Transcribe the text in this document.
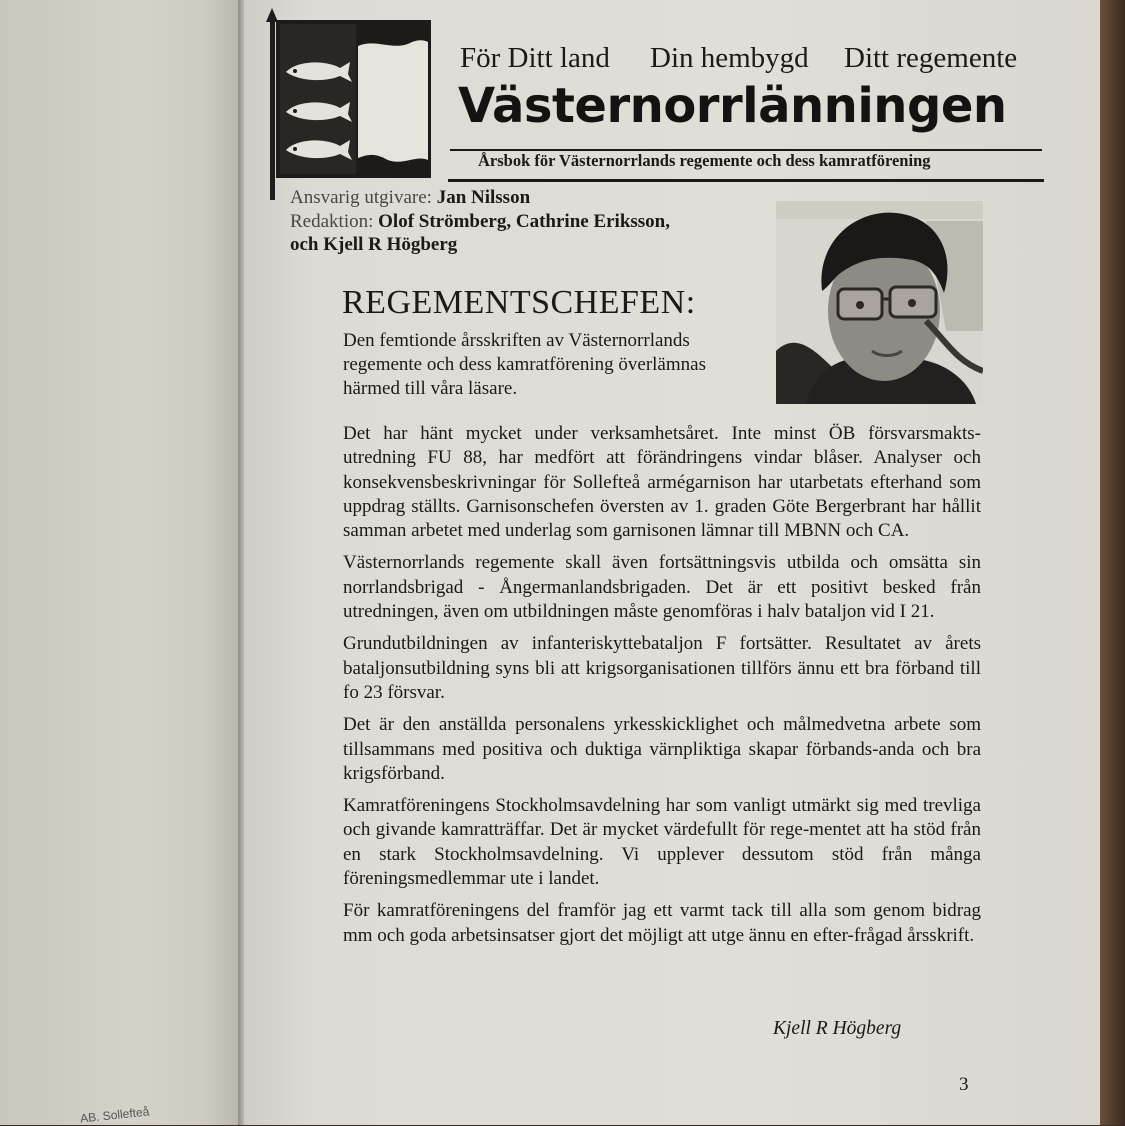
AB. Sollefteå
För Ditt land Din hembygd Ditt regemente
Västernorrlänningen
Årsbok för Västernorrlands regemente och dess kamratförening
Ansvarig utgivare: Jan Nilsson
Redaktion: Olof Strömberg, Cathrine Eriksson,
och Kjell R Högberg
REGEMENTSCHEFEN:
Den femtionde årsskriften av Västernorrlands regemente och dess kamratförening överlämnas härmed till våra läsare.

Det har hänt mycket under verksamhetsåret. Inte minst ÖB försvarsmakts-utredning FU 88, har medfört att förändringens vindar blåser. Analyser och konsekvensbeskrivningar för Sollefteå armégarnison har utarbetats efterhand som uppdrag ställts. Garnisonschefen översten av 1. graden Göte Bergerbrant har hållit samman arbetet med underlag som garnisonen lämnar till MBNN och CA.

Västernorrlands regemente skall även fortsättningsvis utbilda och omsätta sin norrlandsbrigad - Ångermanlandsbrigaden. Det är ett positivt besked från utredningen, även om utbildningen måste genomföras i halv bataljon vid I 21.

Grundutbildningen av infanteriskyttebataljon F fortsätter. Resultatet av årets bataljonsutbildning syns bli att krigsorganisationen tillförs ännu ett bra förband till fo 23 försvar.

Det är den anställda personalens yrkesskicklighet och målmedvetna arbete som tillsammans med positiva och duktiga värnpliktiga skapar förbands-anda och bra krigsförband.

Kamratföreningens Stockholmsavdelning har som vanligt utmärkt sig med trevliga och givande kamratträffar. Det är mycket värdefullt för rege-mentet att ha stöd från en stark Stockholmsavdelning. Vi upplever dessutom stöd från många föreningsmedlemmar ute i landet.

För kamratföreningens del framför jag ett varmt tack till alla som genom bidrag mm och goda arbetsinsatser gjort det möjligt att utge ännu en efter-frågad årsskrift.

Kjell R Högberg
3
